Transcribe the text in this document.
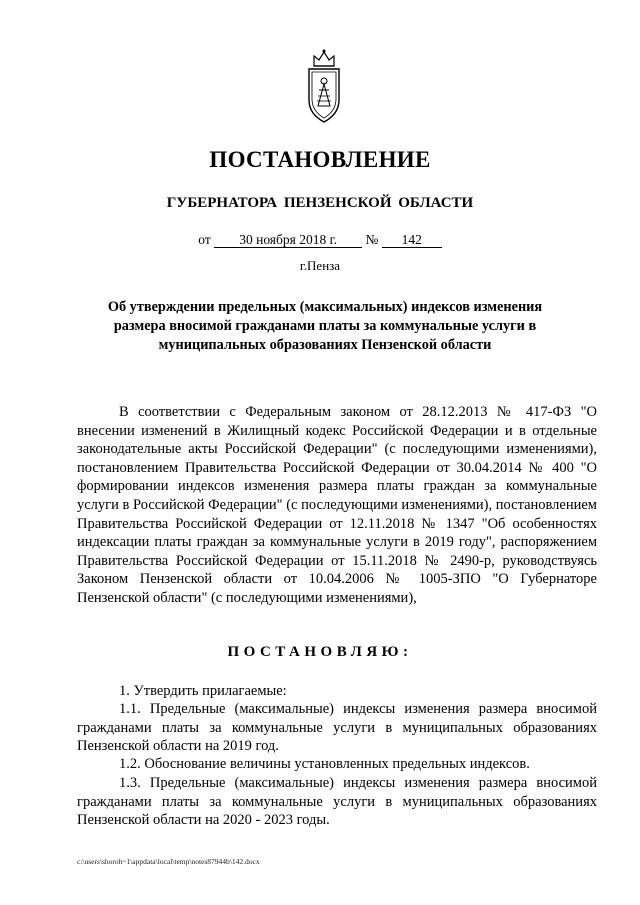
ПОСТАНОВЛЕНИЕ
ГУБЕРНАТОРА ПЕНЗЕНСКОЙ ОБЛАСТИ
от 30 ноября 2018 г. № 142
г.Пенза
Об утверждении предельных (максимальных) индексов изменения размера вносимой гражданами платы за коммунальные услуги в муниципальных образованиях Пензенской области
В соответствии с Федеральным законом от 28.12.2013 № 417-ФЗ "О внесении изменений в Жилищный кодекс Российской Федерации и в отдельные законодательные акты Российской Федерации" (с последующими изменениями), постановлением Правительства Российской Федерации от 30.04.2014 № 400 "О формировании индексов изменения размера платы граждан за коммунальные услуги в Российской Федерации" (с последующими изменениями), постановлением Правительства Российской Федерации от 12.11.2018 № 1347 "Об особенностях индексации платы граждан за коммунальные услуги в 2019 году", распоряжением Правительства Российской Федерации от 15.11.2018 № 2490-р, руководствуясь Законом Пензенской области от 10.04.2006 № 1005-ЗПО "О Губернаторе Пензенской области" (с последующими изменениями),
ПОСТАНОВЛЯЮ:
1. Утвердить прилагаемые:
1.1. Предельные (максимальные) индексы изменения размера вносимой гражданами платы за коммунальные услуги в муниципальных образованиях Пензенской области на 2019 год.
1.2. Обоснование величины установленных предельных индексов.
1.3. Предельные (максимальные) индексы изменения размера вносимой гражданами платы за коммунальные услуги в муниципальных образованиях Пензенской области на 2020 - 2023 годы.
c:\users\shoroh~1\appdata\local\temp\notes87944b\142.docx
